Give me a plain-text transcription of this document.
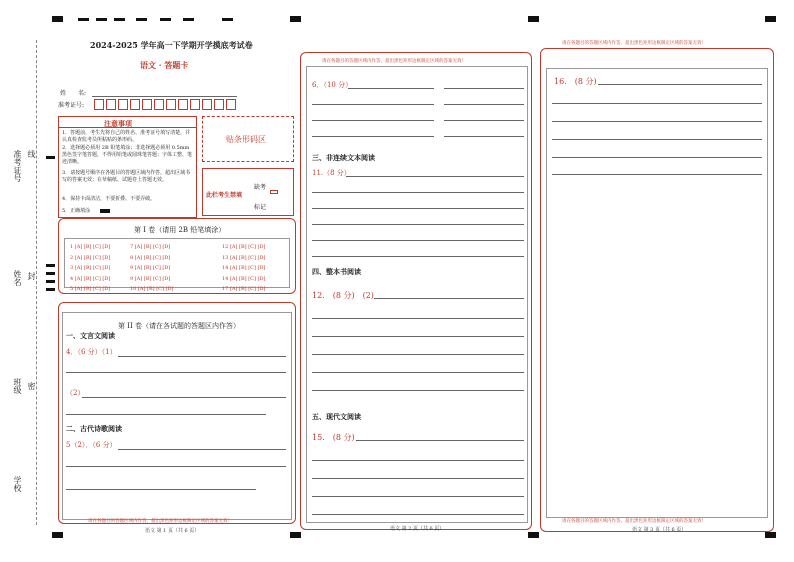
准考证号 线
姓名 封
班级 密
学校
2024-2025 学年高一下学期开学摸底考试卷
语文 · 答题卡
姓　　名:
准考证号:
注意事项
1．答题前，考生先将自己的姓名、准考证号填写清楚，并认真检查监考员所粘贴的条形码。
2．选择题必须用 2B 铅笔填涂；非选择题必须用 0.5mm 黑色签字笔答题，不得用铅笔或圆珠笔答题；字体工整、笔迹清晰。
3．请按题号顺序在各题目的答题区域内作答，超出区域书写的答案无效；在草稿纸、试题卷上答题无效。
4．保持卡面清洁，不要折叠、不要弄破。
5．正确填涂
贴条形码区
此栏考生禁填
缺考
标记
第 I 卷（请用 2B 铅笔填涂）
1 [A] [B] [C] [D]
2 [A] [B] [C] [D]
3 [A] [B] [C] [D]
4 [A] [B] [C] [D]
5 [A] [B] [C] [D]
7 [A] [B] [C] [D]
8 [A] [B] [C] [D]
9 [A] [B] [C] [D]
9 [A] [B] [C] [D]
10 [A] [B] [C] [D]
12 [A] [B] [C] [D]
13 [A] [B] [C] [D]
14 [A] [B] [C] [D]
14 [A] [B] [C] [D]
17 [A] [B] [C] [D]
第 II 卷（请在各试题的答题区内作答）
一、文言文阅读
4．（6 分）（1）
（2）
二、古代诗歌阅读
5（2）．（6 分）
请在各题目的答题区域内作答，超出黑色矩形边框限定区域的答案无效！
语文 第 1 页（共 6 页）
请在各题目的答题区域内作答，超出黑色矩形边框限定区域的答案无效！
6．（10 分）
三、非连续文本阅读
11.（8 分）
四、整本书阅读
12.　(8 分)　(2)
五、现代文阅读
15.　(8 分)
语文 第 2 页（共 6 页）
请在各题目的答题区域内作答，超出黑色矩形边框限定区域的答案无效！
16.　(8 分)
请在各题目的答题区域内作答，超出黑色矩形边框限定区域的答案无效！
语文 第 3 页（共 6 页）
